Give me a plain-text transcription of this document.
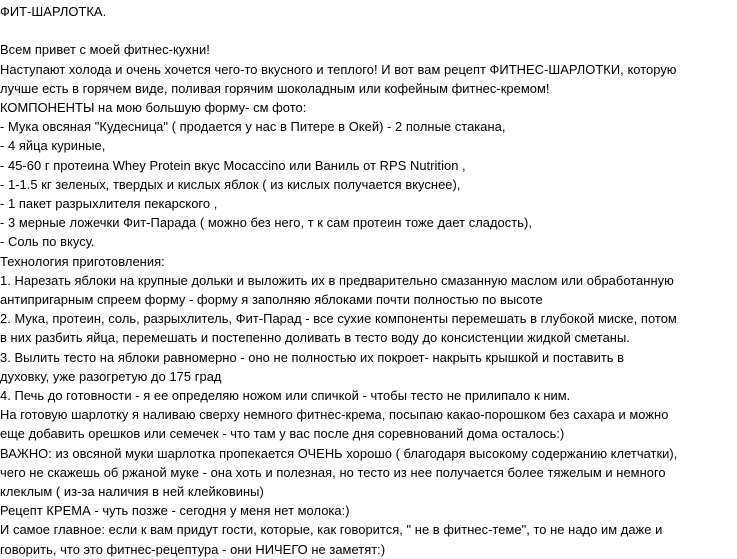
ФИТ-ШАРЛОТКА.
Всем привет с моей фитнес-кухни!
Наступают холода и очень хочется чего-то вкусного и теплого! И вот вам рецепт ФИТНЕС-ШАРЛОТКИ, которую
лучше есть в горячем виде, поливая горячим шоколадным или кофейным фитнес-кремом!
КОМПОНЕНТЫ на мою большую форму- см фото:
- Мука овсяная "Кудесница" ( продается у нас в Питере в Окей) - 2 полные стакана,
- 4 яйца куриные,
- 45-60 г протеина Whey Protein вкус Mocaccino или Ваниль от RPS Nutrition ,
- 1-1.5 кг зеленых, твердых и кислых яблок ( из кислых получается вкуснее),
- 1 пакет разрыхлителя пекарского ,
- 3 мерные ложечки Фит-Парада ( можно без него, т к сам протеин тоже дает сладость),
- Соль по вкусу.
Технология приготовления:
1. Нарезать яблоки на крупные дольки и выложить их в предварительно смазанную маслом или обработанную
антипригарным спреем форму - форму я заполняю яблоками почти полностью по высоте
2. Мука, протеин, соль, разрыхлитель, Фит-Парад - все сухие компоненты перемешать в глубокой миске, потом
в них разбить яйца, перемешать и постепенно доливать в тесто воду до консистенции жидкой сметаны.
3. Вылить тесто на яблоки равномерно - оно не полностью их покроет- накрыть крышкой и поставить в
духовку, уже разогретую до 175 град
4. Печь до готовности - я ее определяю ножом или спичкой - чтобы тесто не прилипало к ним.
На готовую шарлотку я наливаю сверху немного фитнес-крема, посыпаю какао-порошком без сахара и можно
еще добавить орешков или семечек - что там у вас после дня соревнований дома осталось:)
ВАЖНО: из овсяной муки шарлотка пропекается ОЧЕНЬ хорошо ( благодаря высокому содержанию клетчатки),
чего не скажешь об ржаной муке - она хоть и полезная, но тесто из нее получается более тяжелым и немного
клеклым ( из-за наличия в ней клейковины)
Рецепт КРЕМА - чуть позже - сегодня у меня нет молока:)
И самое главное: если к вам придут гости, которые, как говорится, " не в фитнес-теме", то не надо им даже и
говорить, что это фитнес-рецептура - они НИЧЕГО не заметят:)
